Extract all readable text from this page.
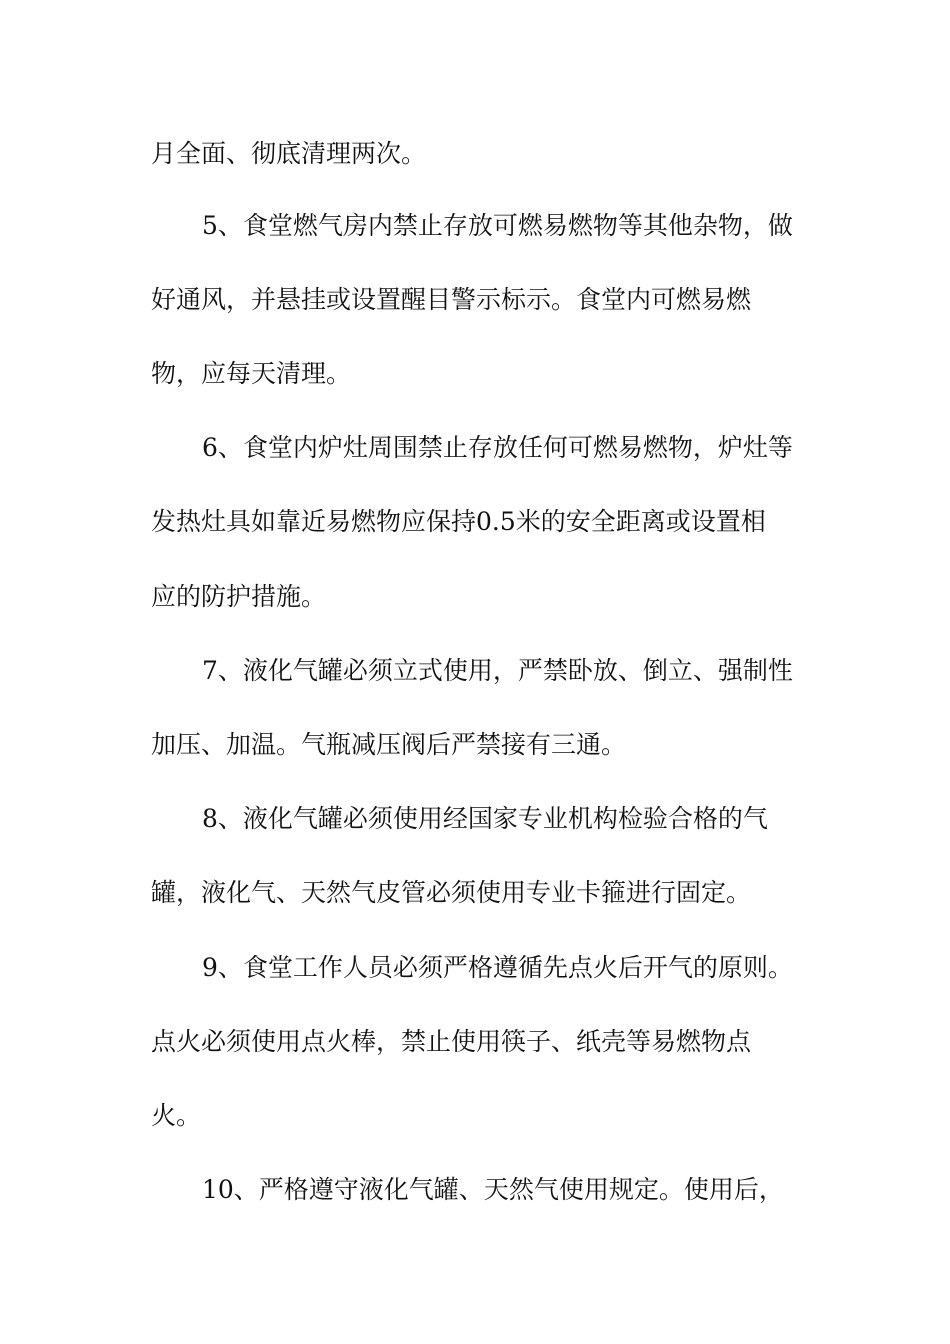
月全面、彻底清理两次。

5、食堂燃气房内禁止存放可燃易燃物等其他杂物，做

好通风，并悬挂或设置醒目警示标示。食堂内可燃易燃

物，应每天清理。

6、食堂内炉灶周围禁止存放任何可燃易燃物，炉灶等

发热灶具如靠近易燃物应保持0.5米的安全距离或设置相

应的防护措施。

7、液化气罐必须立式使用，严禁卧放、倒立、强制性

加压、加温。气瓶减压阀后严禁接有三通。

8、液化气罐必须使用经国家专业机构检验合格的气

罐，液化气、天然气皮管必须使用专业卡箍进行固定。

9、食堂工作人员必须严格遵循先点火后开气的原则。

点火必须使用点火棒，禁止使用筷子、纸壳等易燃物点

火。

10、严格遵守液化气罐、天然气使用规定。使用后，
